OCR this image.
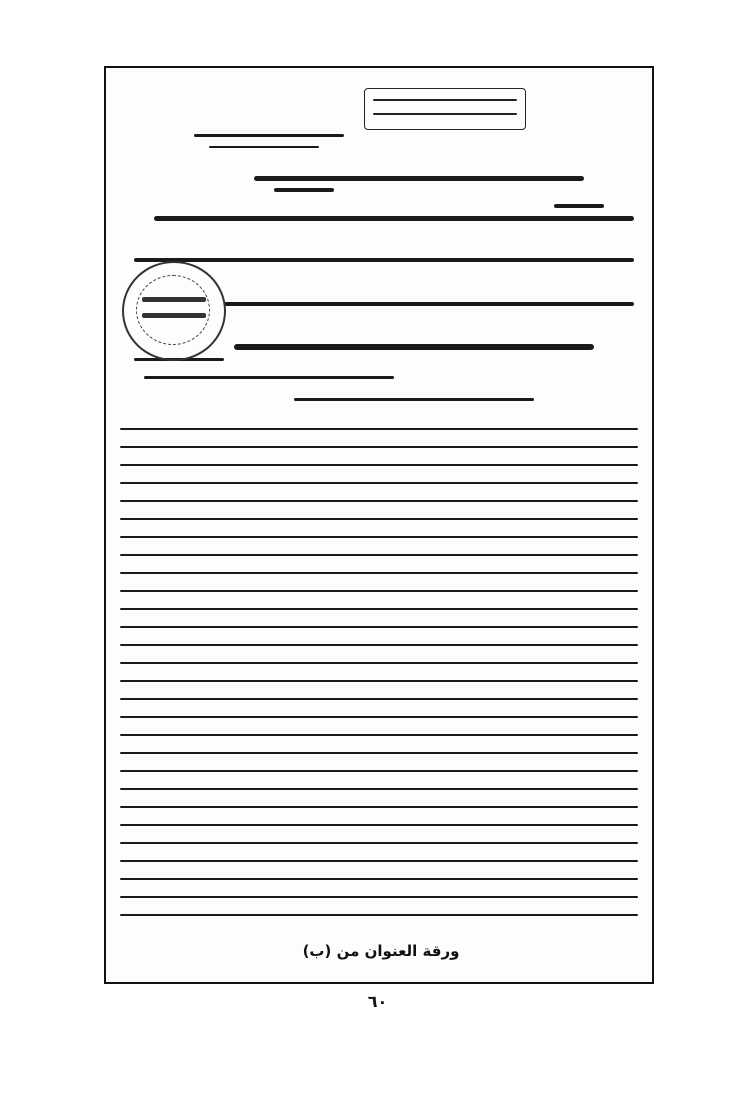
ورقة العنوان من (ب)
٦٠
